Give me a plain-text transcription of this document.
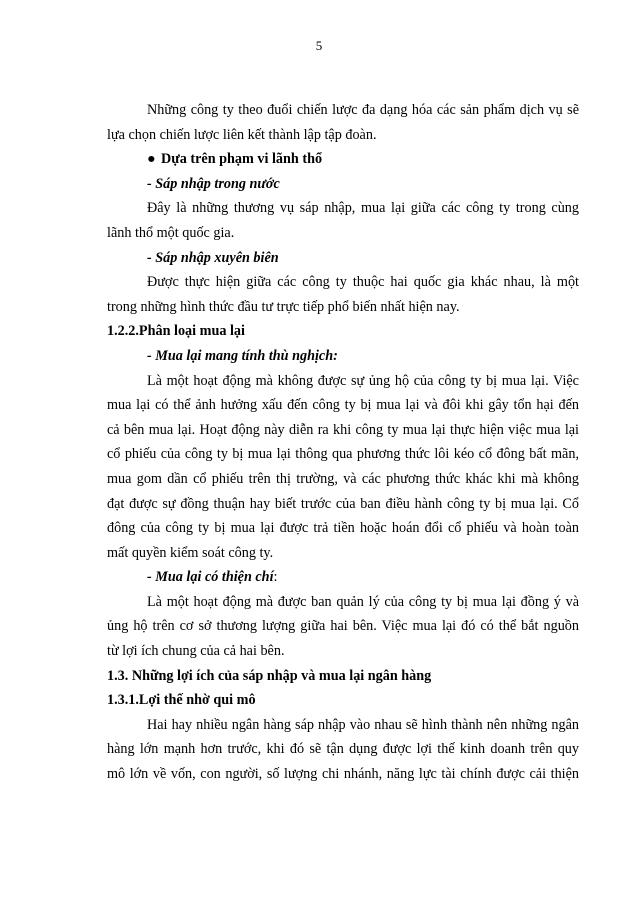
5
Những công ty theo đuổi chiến lược đa dạng hóa các sản phẩm dịch vụ sẽ
lựa chọn chiến lược liên kết thành lập tập đoàn.
● Dựa trên phạm vi lãnh thổ
- Sáp nhập trong nước
Đây là những thương vụ sáp nhập, mua lại giữa các công ty trong cùng
lãnh thổ một quốc gia.
- Sáp nhập xuyên biên
Được thực hiện giữa các công ty thuộc hai quốc gia khác nhau, là một
trong những hình thức đầu tư trực tiếp phổ biến nhất hiện nay.
1.2.2.Phân loại mua lại
- Mua lại mang tính thù nghịch:
Là một hoạt động mà không được sự ủng hộ của công ty bị mua lại. Việc
mua lại có thể ảnh hưởng xấu đến công ty bị mua lại và đôi khi gây tổn hại đến
cả bên mua lại. Hoạt động này diễn ra khi công ty mua lại thực hiện việc mua lại
cổ phiếu của công ty bị mua lại thông qua phương thức lôi kéo cổ đông bất mãn,
mua gom dần cổ phiếu trên thị trường, và các phương thức khác khi mà không
đạt được sự đồng thuận hay biết trước của ban điều hành công ty bị mua lại. Cổ
đông của công ty bị mua lại được trả tiền hoặc hoán đổi cổ phiếu và hoàn toàn
mất quyền kiểm soát công ty.
- Mua lại có thiện chí:
Là một hoạt động mà được ban quản lý của công ty bị mua lại đồng ý và
ủng hộ trên cơ sở thương lượng giữa hai bên. Việc mua lại đó có thể bắt nguồn
từ lợi ích chung của cả hai bên.
1.3. Những lợi ích của sáp nhập và mua lại ngân hàng
1.3.1.Lợi thế nhờ qui mô
Hai hay nhiều ngân hàng sáp nhập vào nhau sẽ hình thành nên những ngân
hàng lớn mạnh hơn trước, khi đó sẽ tận dụng được lợi thế kinh doanh trên quy
mô lớn về vốn, con người, số lượng chi nhánh, năng lực tài chính được cải thiện
